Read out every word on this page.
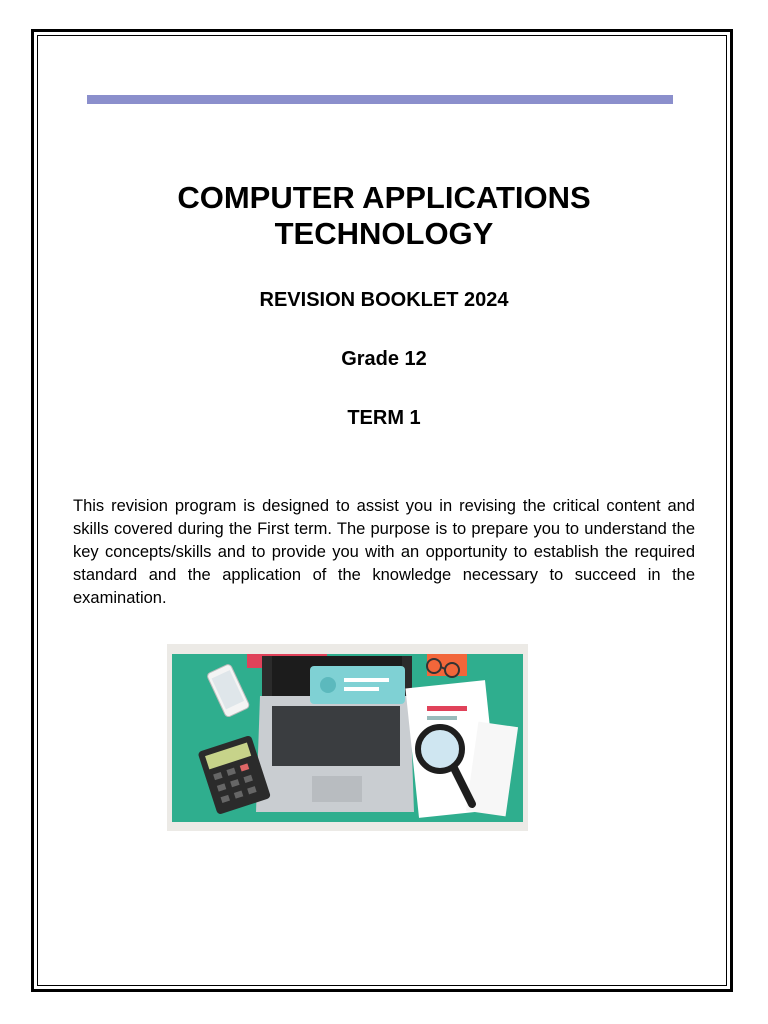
COMPUTER APPLICATIONS
TECHNOLOGY
REVISION BOOKLET 2024
Grade 12
TERM 1
This revision program is designed to assist you in revising the critical content and skills covered during the First term. The purpose is to prepare you to understand the key concepts/skills and to provide you with an opportunity to establish the required standard and the application of the knowledge necessary to succeed in the examination.
